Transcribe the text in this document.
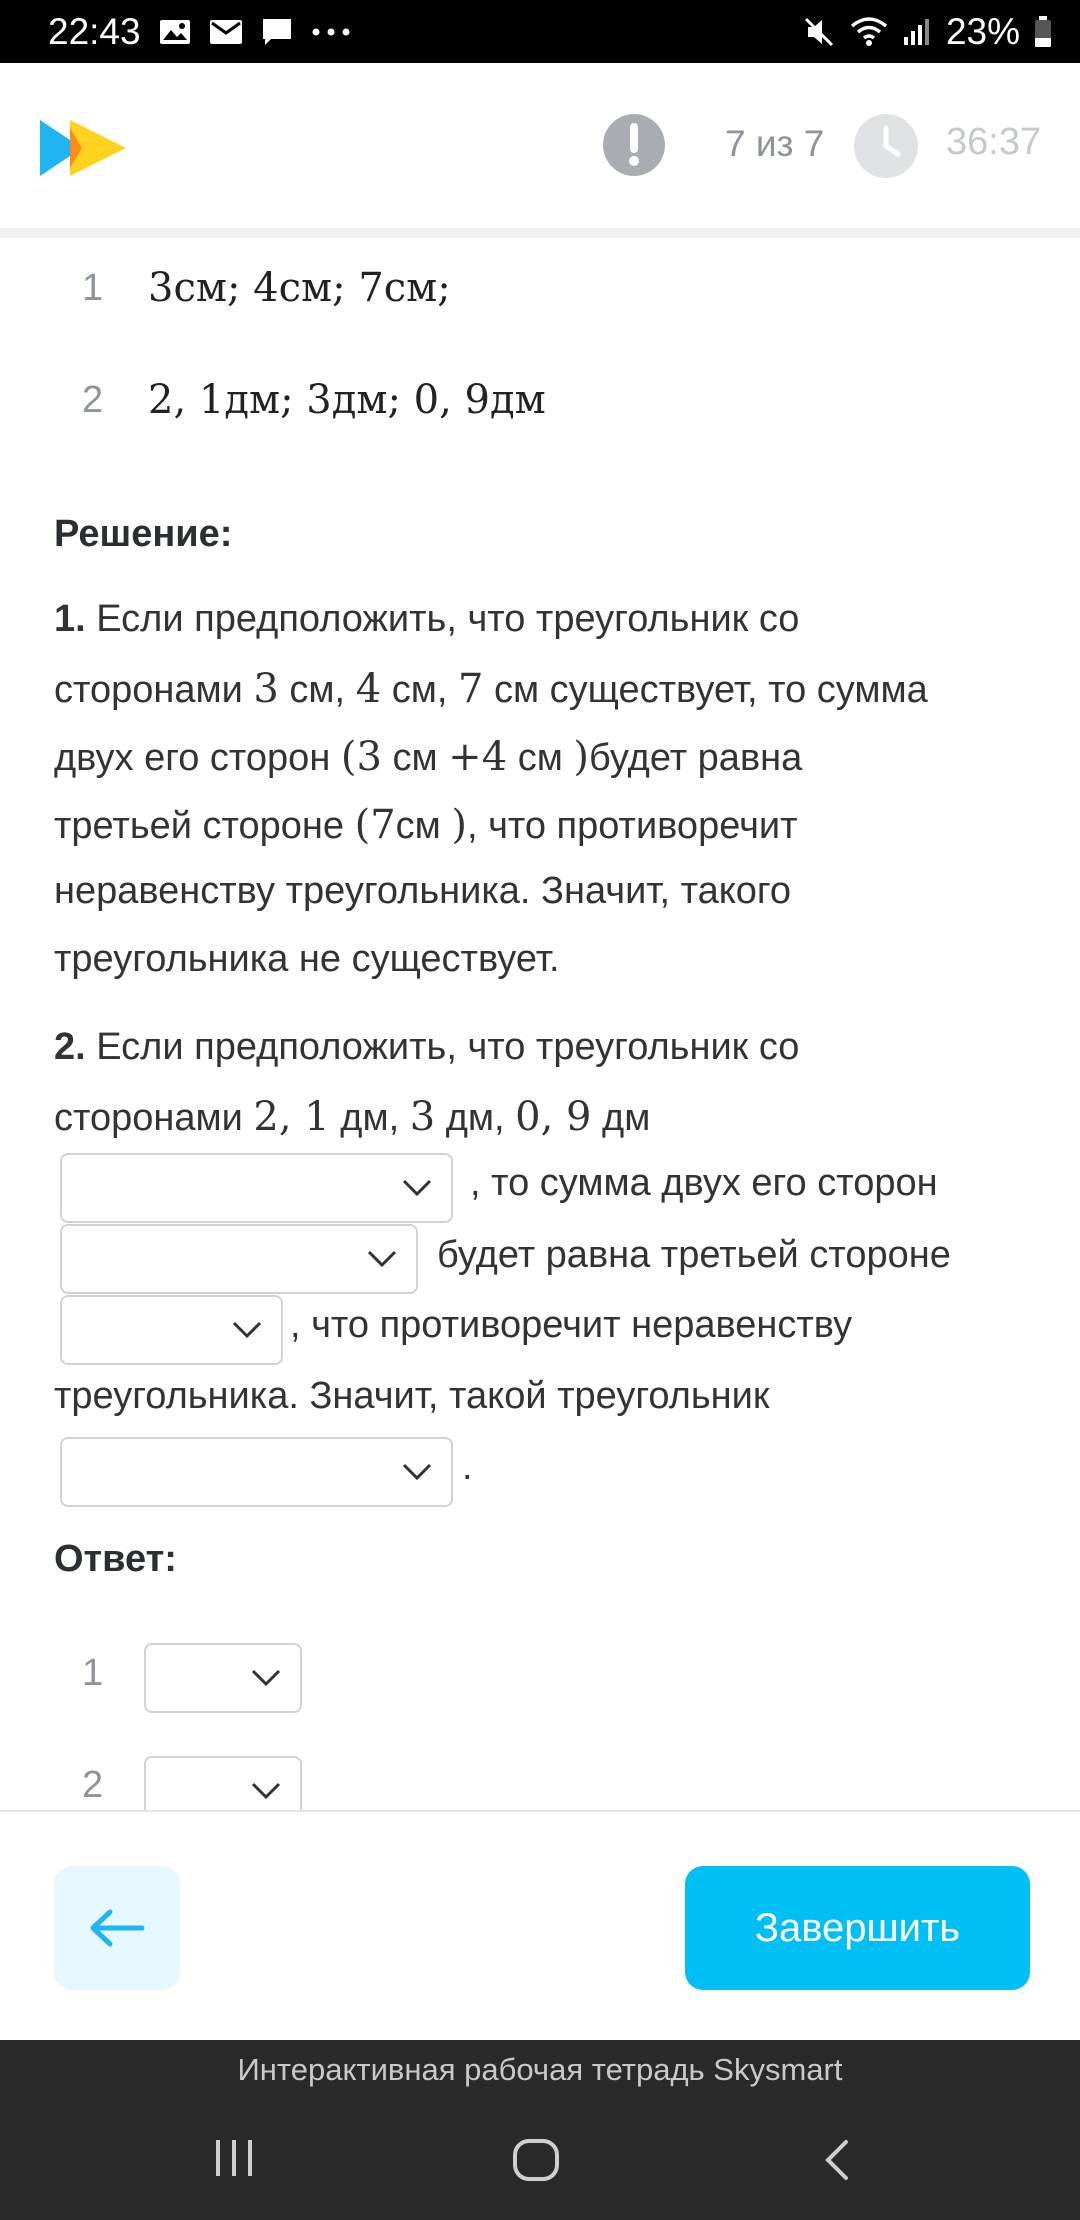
22:43	23%
7 из 7	36:37
1 3см; 4см; 7см;
2 2, 1дм; 3дм; 0, 9дм
Решение:
1. Если предположить, что треугольник со
сторонами 3 см, 4 см, 7 см существует, то сумма
двух его сторон (3 см +4 см )будет равна
третьей стороне (7см ), что противоречит
неравенству треугольника. Значит, такого
треугольника не существует.
2. Если предположить, что треугольник со
сторонами 2, 1 дм, 3 дм, 0, 9 дм
, то сумма двух его сторон
будет равна третьей стороне
, что противоречит неравенству
треугольника. Значит, такой треугольник
.
Ответ:
1
2
Завершить
Интерактивная рабочая тетрадь Skysmart
